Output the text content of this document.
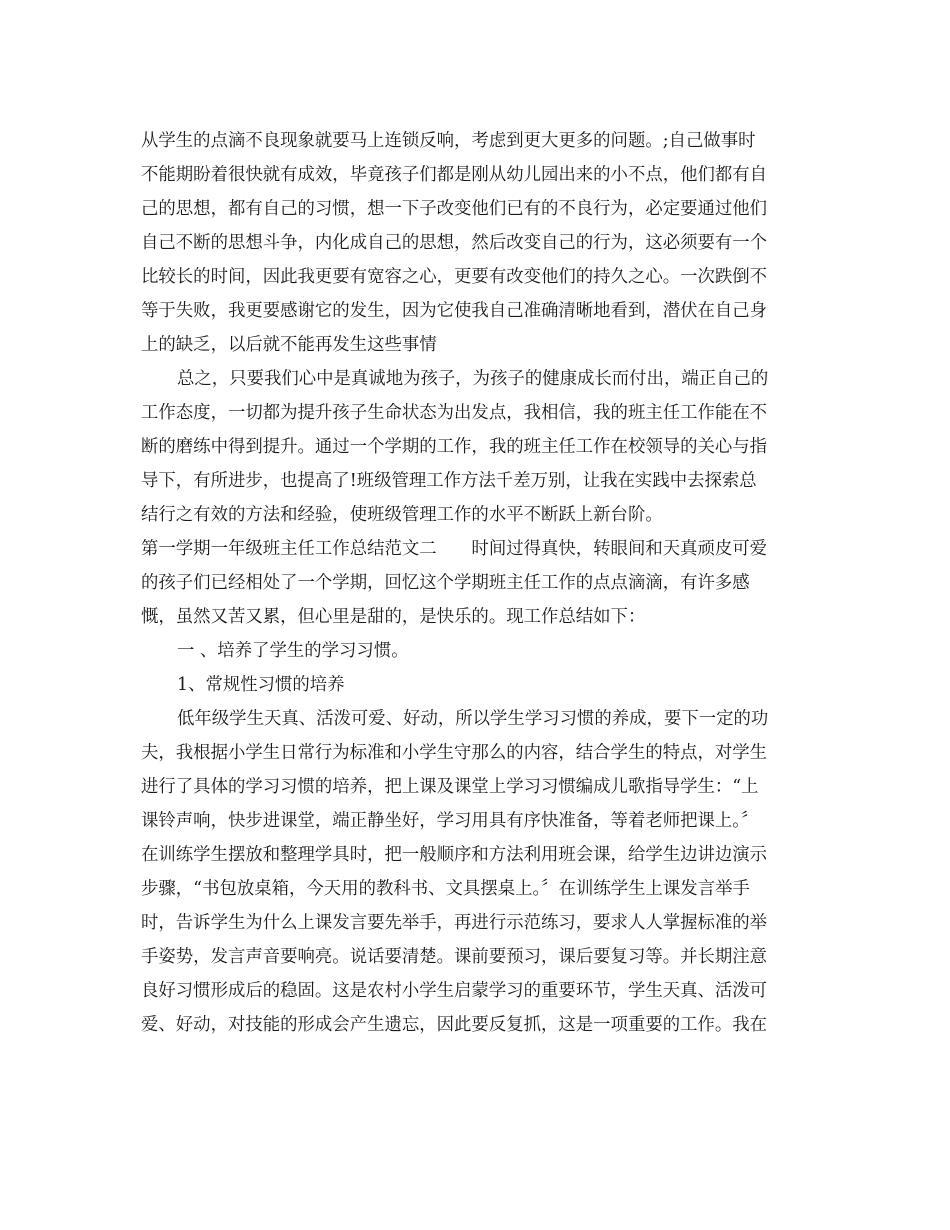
从学生的点滴不良现象就要马上连锁反响，考虑到更大更多的问题。;自己做事时
不能期盼着很快就有成效，毕竟孩子们都是刚从幼儿园出来的小不点，他们都有自
己的思想，都有自己的习惯，想一下子改变他们已有的不良行为，必定要通过他们
自己不断的思想斗争，内化成自己的思想，然后改变自己的行为，这必须要有一个
比较长的时间，因此我更要有宽容之心，更要有改变他们的持久之心。一次跌倒不
等于失败，我更要感谢它的发生，因为它使我自己准确清晰地看到，潜伏在自己身
上的缺乏，以后就不能再发生这些事情
总之，只要我们心中是真诚地为孩子，为孩子的健康成长而付出，端正自己的
工作态度，一切都为提升孩子生命状态为出发点，我相信，我的班主任工作能在不
断的磨练中得到提升。通过一个学期的工作，我的班主任工作在校领导的关心与指
导下，有所进步，也提高了!班级管理工作方法千差万别，让我在实践中去探索总
结行之有效的方法和经验，使班级管理工作的水平不断跃上新台阶。
第一学期一年级班主任工作总结范文二　　时间过得真快，转眼间和天真顽皮可爱
的孩子们已经相处了一个学期，回忆这个学期班主任工作的点点滴滴，有许多感
慨，虽然又苦又累，但心里是甜的，是快乐的。现工作总结如下：
一 、培养了学生的学习习惯。
1、常规性习惯的培养
低年级学生天真、活泼可爱、好动，所以学生学习习惯的养成，要下一定的功
夫，我根据小学生日常行为标准和小学生守那么的内容，结合学生的特点，对学生
进行了具体的学习习惯的培养，把上课及课堂上学习习惯编成儿歌指导学生：“上
课铃声响，快步进课堂，端正静坐好，学习用具有序快准备，等着老师把课上。〞
在训练学生摆放和整理学具时，把一般顺序和方法利用班会课，给学生边讲边演示
步骤，“书包放桌箱，今天用的教科书、文具摆桌上。〞在训练学生上课发言举手
时，告诉学生为什么上课发言要先举手，再进行示范练习，要求人人掌握标准的举
手姿势，发言声音要响亮。说话要清楚。课前要预习，课后要复习等。并长期注意
良好习惯形成后的稳固。这是农村小学生启蒙学习的重要环节，学生天真、活泼可
爱、好动，对技能的形成会产生遗忘，因此要反复抓，这是一项重要的工作。我在
